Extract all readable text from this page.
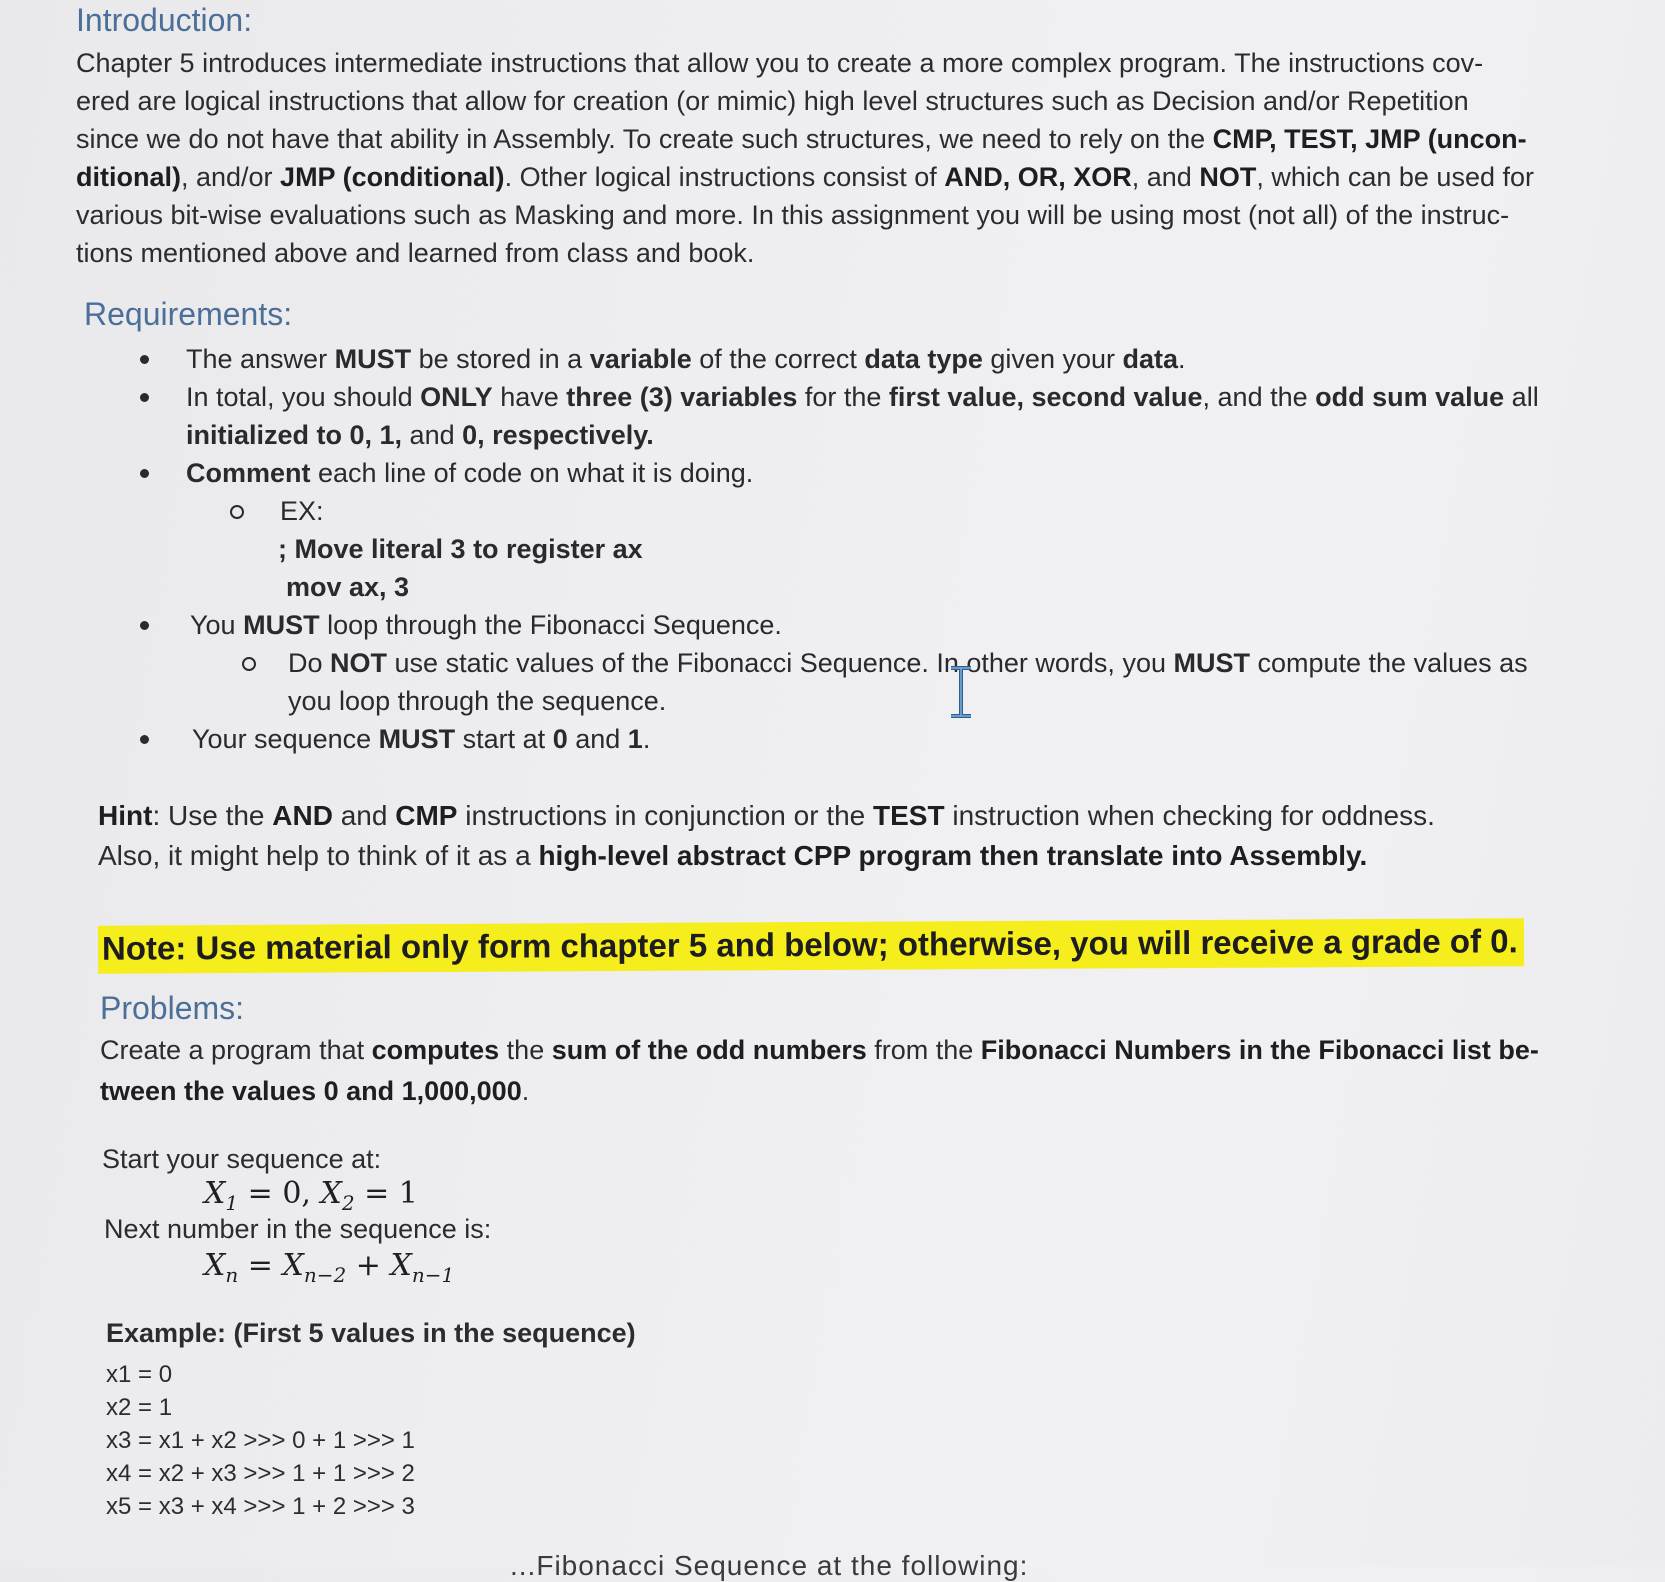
Introduction:
Chapter 5 introduces intermediate instructions that allow you to create a more complex program. The instructions cov-
ered are logical instructions that allow for creation (or mimic) high level structures such as Decision and/or Repetition
since we do not have that ability in Assembly. To create such structures, we need to rely on the CMP, TEST, JMP (uncon-
ditional), and/or JMP (conditional). Other logical instructions consist of AND, OR, XOR, and NOT, which can be used for
various bit-wise evaluations such as Masking and more. In this assignment you will be using most (not all) of the instruc-
tions mentioned above and learned from class and book.
Requirements:
The answer MUST be stored in a variable of the correct data type given your data.
In total, you should ONLY have three (3) variables for the first value, second value, and the odd sum value all
initialized to 0, 1, and 0, respectively.
Comment each line of code on what it is doing.
EX:
; Move literal 3 to register ax
mov ax, 3
You MUST loop through the Fibonacci Sequence.
Do NOT use static values of the Fibonacci Sequence. In other words, you MUST compute the values as
you loop through the sequence.
Your sequence MUST start at 0 and 1.
Hint: Use the AND and CMP instructions in conjunction or the TEST instruction when checking for oddness.
Also, it might help to think of it as a high-level abstract CPP program then translate into Assembly.
Note: Use material only form chapter 5 and below; otherwise, you will receive a grade of 0.
Problems:
Create a program that computes the sum of the odd numbers from the Fibonacci Numbers in the Fibonacci list be-
tween the values 0 and 1,000,000.
Start your sequence at:
$X_1 = 0$, $X_2 = 1$
Next number in the sequence is:
$X_n = X_{n-2} + X_{n-1}$
Example: (First 5 values in the sequence)
x1 = 0
x2 = 1
x3 = x1 + x2 >>> 0 + 1 >>> 1
x4 = x2 + x3 >>> 1 + 1 >>> 2
x5 = x3 + x4 >>> 1 + 2 >>> 3
...Fibonacci Sequence at the following:
